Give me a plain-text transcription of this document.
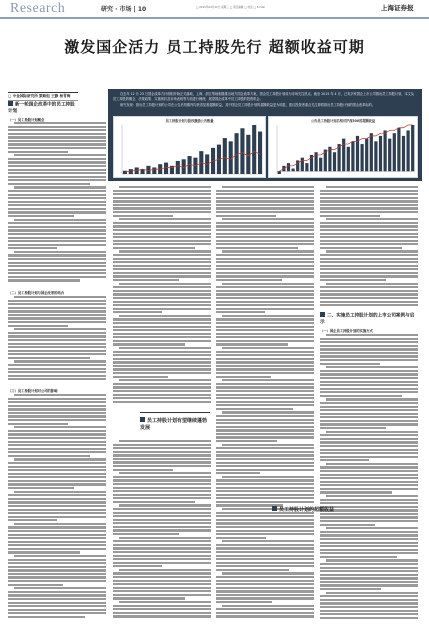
Research	研究 · 市场 | 10	□ 2015年04月22日 星期三 □ 责任编辑 □ 电话 □ E-mail	上海证券报
激发国企活力 员工持股先行 超额收益可期
□ 中金国际研究所 策略组 王静 杨青梅
新一轮国企改革中的员工持股计划
（一）员工持股计划概念
（二）员工持股计划与国企改革的结合
（三）员工持股计划对公司的影响

自去年 12 月 23 日国企改革方针细则开始正式落地，上海、浙江等地相继推出地方国企改革方案，国企员工持股计划成为市场关注热点。截至 2015 年 4 月，已有多家国企上市公司推出员工持股计划，本文从员工持股的概念、法规政策、实施现状及市场表现等方面进行梳理，展望国企改革中员工持股的投资机会。

研究发现：推出员工持股计划的公司在公告后短期内均获得显著超额收益，其中国企员工持股计划的超额收益更为明显，建议投资者重点关注即将推出员工持股计划的国企改革标的。

员工持股计划与股权激励公告数量	公告员工持股计划后相对沪深300的超额收益
员工持股计划有望继续蓬勃发展
二、实施员工持股计划的上市公司案例与启示
（一）国企员工持股计划的实施方式
员工持股计划的超额收益
